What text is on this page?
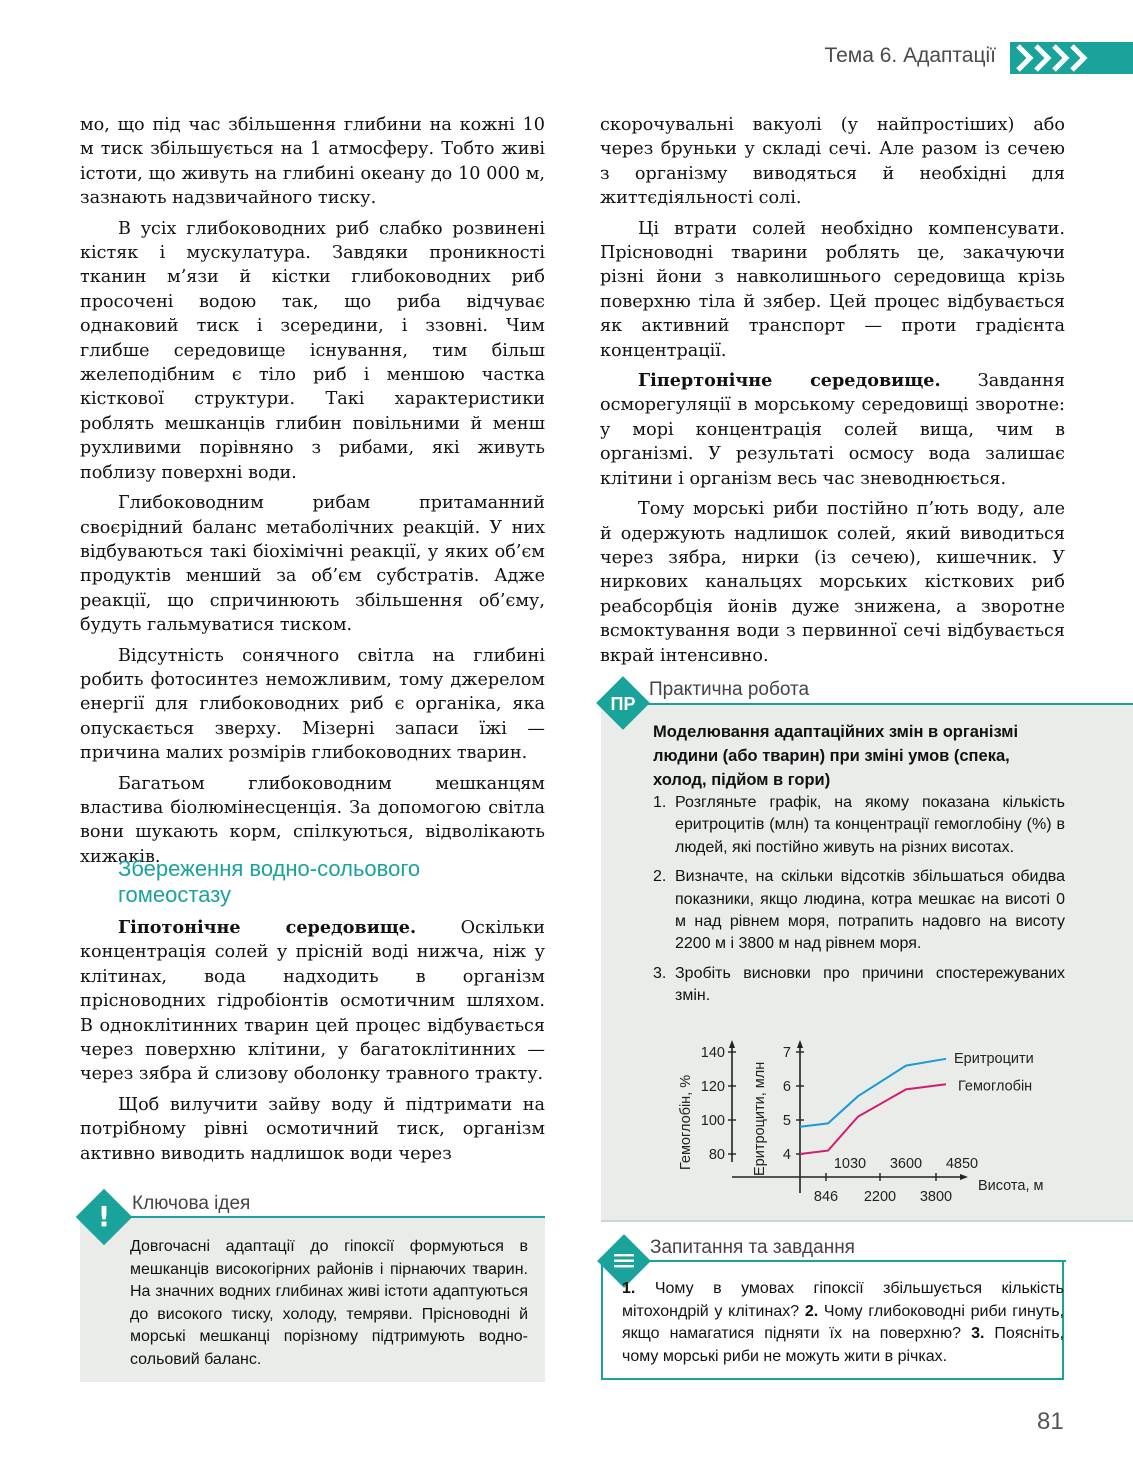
Тема 6. Адаптації

мо, що під час збільшення глибини на кожні 10 м тиск збільшується на 1 атмосферу. Тобто живі істоти, що живуть на глибині океану до 10 000 м, зазнають надзвичайного тиску.

В усіх глибоководних риб слабко розвинені кістяк і мускулатура. Завдяки проникності тканин м’язи й кістки глибоководних риб просочені водою так, що риба відчуває однаковий тиск і зсередини, і ззовні. Чим глибше середовище існування, тим більш желеподібним є тіло риб і меншою частка кісткової структури. Такі характеристики роблять мешканців глибин повільними й менш рухливими порівняно з рибами, які живуть поблизу поверхні води.

Глибоководним рибам притаманний своєрідний баланс метаболічних реакцій. У них відбуваються такі біохімічні реакції, у яких об’єм продуктів менший за об’єм субстратів. Адже реакції, що спричинюють збільшення об’єму, будуть гальмуватися тиском.

Відсутність сонячного світла на глибині робить фотосинтез неможливим, тому джерелом енергії для глибоководних риб є органіка, яка опускається зверху. Мізерні запаси їжі — причина малих розмірів глибоководних тварин.

Багатьом глибоководним мешканцям властива біолюмінесценція. За допомогою світла вони шукають корм, спілкуються, відволікають хижаків.

Збереження водно-сольового гомеостазу

Гіпотонічне середовище. Оскільки концентрація солей у прісній воді нижча, ніж у клітинах, вода надходить в організм прісноводних гідробіонтів осмотичним шляхом. В одноклітинних тварин цей процес відбувається через поверхню клітини, у багатоклітинних — через зябра й слизову оболонку травного тракту.

Щоб вилучити зайву воду й підтримати на потрібному рівні осмотичний тиск, організм активно виводить надлишок води через

!	Ключова ідея
Довгочасні адаптації до гіпоксії формуються в мешканців високогірних районів і пірнаючих тварин. На значних водних глибинах живі істоти адаптуються до високого тиску, холоду, темряви. Прісноводні й морські мешканці порізному підтримують водно-сольовий баланс.

скорочувальні вакуолі (у найпростіших) або через бруньки у складі сечі. Але разом із сечею з організму виводяться й необхідні для життєдіяльності солі.

Ці втрати солей необхідно компенсувати. Прісноводні тварини роблять це, закачуючи різні йони з навколишнього середовища крізь поверхню тіла й зябер. Цей процес відбувається як активний транспорт — проти градієнта концентрації.

Гіпертонічне середовище. Завдання осморегуляції в морському середовищі зворотне: у морі концентрація солей вища, чим в організмі. У результаті осмосу вода залишає клітини і організм весь час зневоднюється.

Тому морські риби постійно п’ють воду, але й одержують надлишок солей, який виводиться через зябра, нирки (із сечею), кишечник. У ниркових канальцях морських кісткових риб реабсорбція йонів дуже знижена, а зворотне всмоктування води з первинної сечі відбувається вкрай інтенсивно.

ПР
Практична робота
Моделювання адаптаційних змін в організмі людини (або тварин) при зміні умов (спека, холод, підйом в гори)
1. Розгляньте графік, на якому показана кількість еритроцитів (млн) та концентрації гемоглобіну (%) в людей, які постійно живуть на різних висотах.
2. Визначте, на скільки відсотків збільшаться обидва показники, якщо людина, котра мешкає на висоті 0 м над рівнем моря, потрапить надовго на висоту 2200 м і 3800 м над рівнем моря.
3. Зробіть висновки про причини спостережуваних змін.
80	4
100	5
120	6
140	7
846 2200 3800
1030 3600 4850
Висота, м
Гемоглобін, %	Еритроцити, млн
Еритроцити
Гемоглобін
Запитання та завдання
1. Чому в умовах гіпоксії збільшується кількість мітохондрій у клітинах? 2. Чому глибоководні риби гинуть, якщо намагатися підняти їх на поверхню? 3. Поясніть, чому морські риби не можуть жити в річках.
81
